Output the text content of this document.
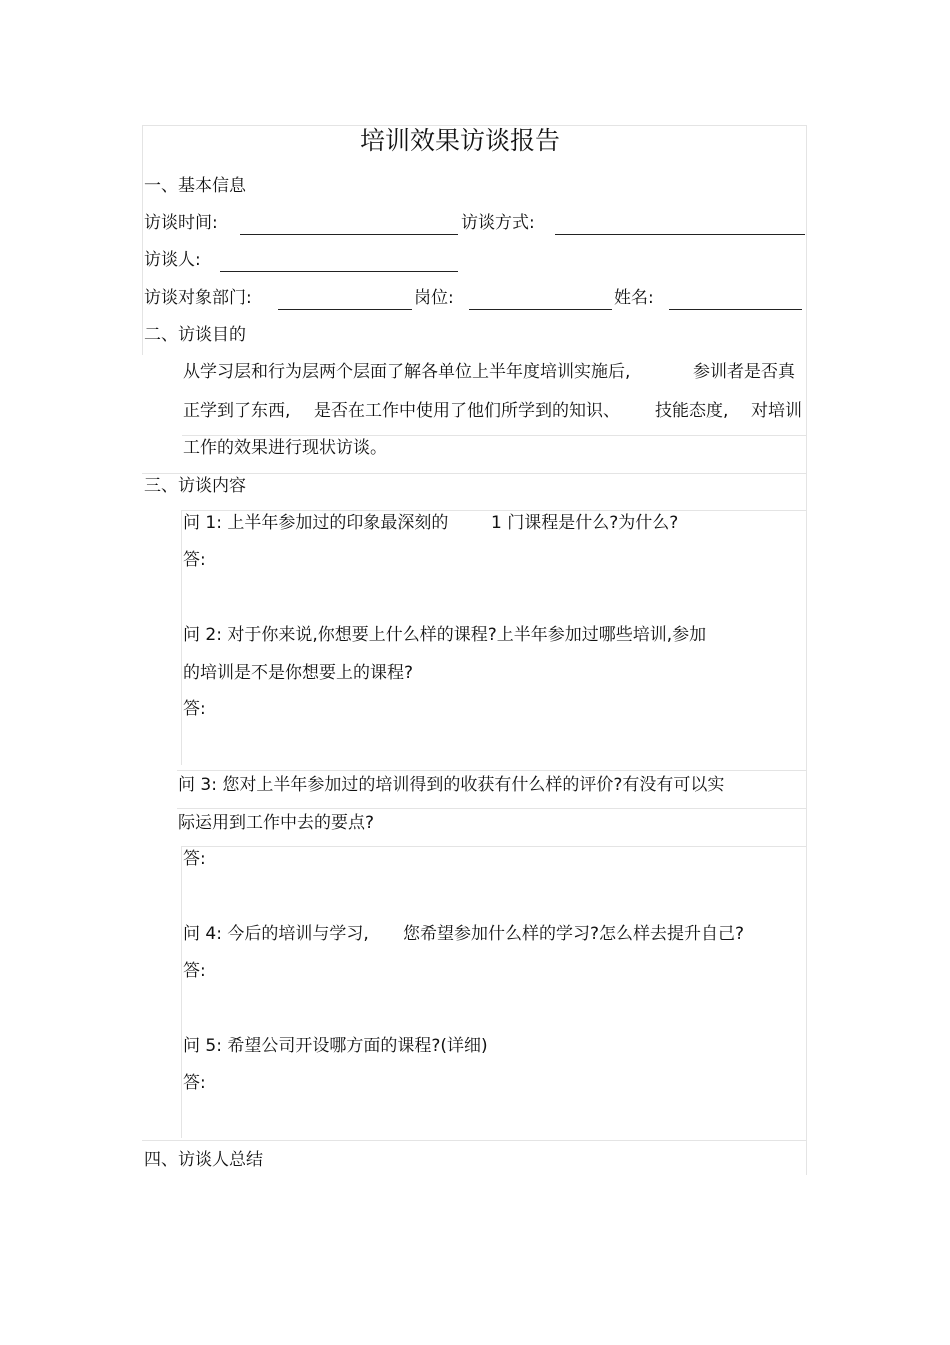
培训效果访谈报告
一、基本信息
访谈时间:	访谈方式:
访谈人:
访谈对象部门:	岗位:	姓名:
二、访谈目的
从学习层和行为层两个层面了解各单位上半年度培训实施后,	参训者是否真
正学到了东西, 是否在工作中使用了他们所学到的知识、 技能态度, 对培训
工作的效果进行现状访谈。
三、访谈内容
问 1: 上半年参加过的印象最深刻的	1 门课程是什么?为什么?
答:
问 2: 对于你来说,你想要上什么样的课程?上半年参加过哪些培训,参加
的培训是不是你想要上的课程?
答:
问 3: 您对上半年参加过的培训得到的收获有什么样的评价?有没有可以实
际运用到工作中去的要点?
答:
问 4: 今后的培训与学习, 您希望参加什么样的学习?怎么样去提升自己?
答:
问 5: 希望公司开设哪方面的课程?(详细)
答:
四、访谈人总结
